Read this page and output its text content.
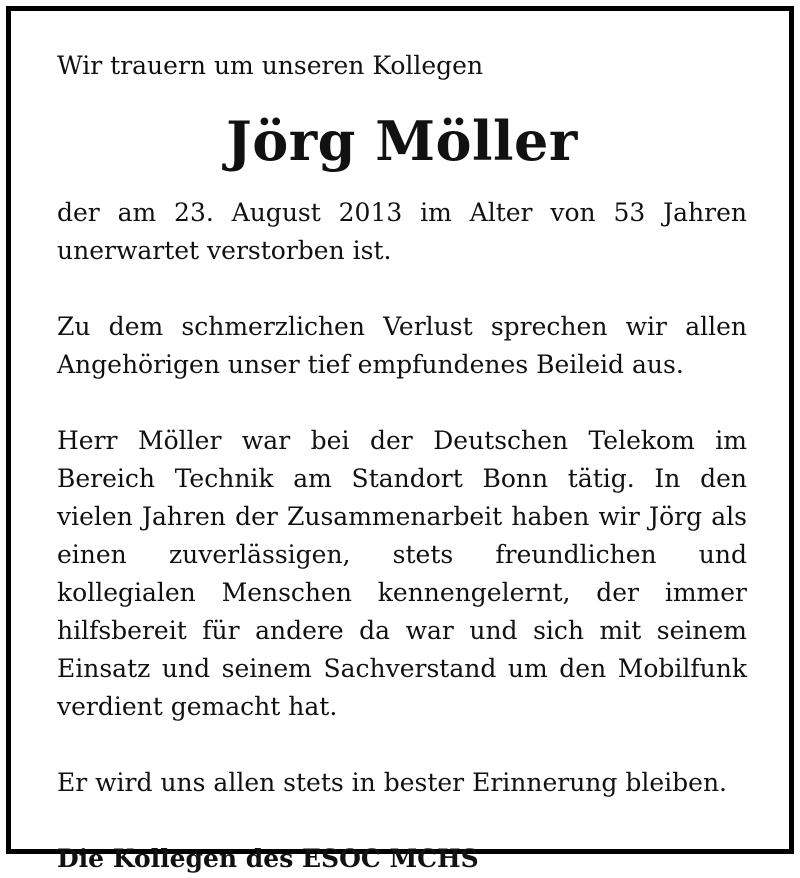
Wir trauern um unseren Kollegen

Jörg Möller

der am 23. August 2013 im Alter von 53 Jahren unerwartet verstorben ist.

Zu dem schmerzlichen Verlust sprechen wir allen Angehörigen unser tief empfundenes Beileid aus.

Herr Möller war bei der Deutschen Telekom im Bereich Technik am Standort Bonn tätig. In den vielen Jahren der Zusammenarbeit haben wir Jörg als einen zuverlässigen, stets freundlichen und kollegialen Menschen kennengelernt, der immer hilfsbereit für andere da war und sich mit seinem Einsatz und seinem Sachverstand um den Mobilfunk verdient gemacht hat.

Er wird uns allen stets in bester Erinnerung bleiben.

Die Kollegen des ESOC MCHS
